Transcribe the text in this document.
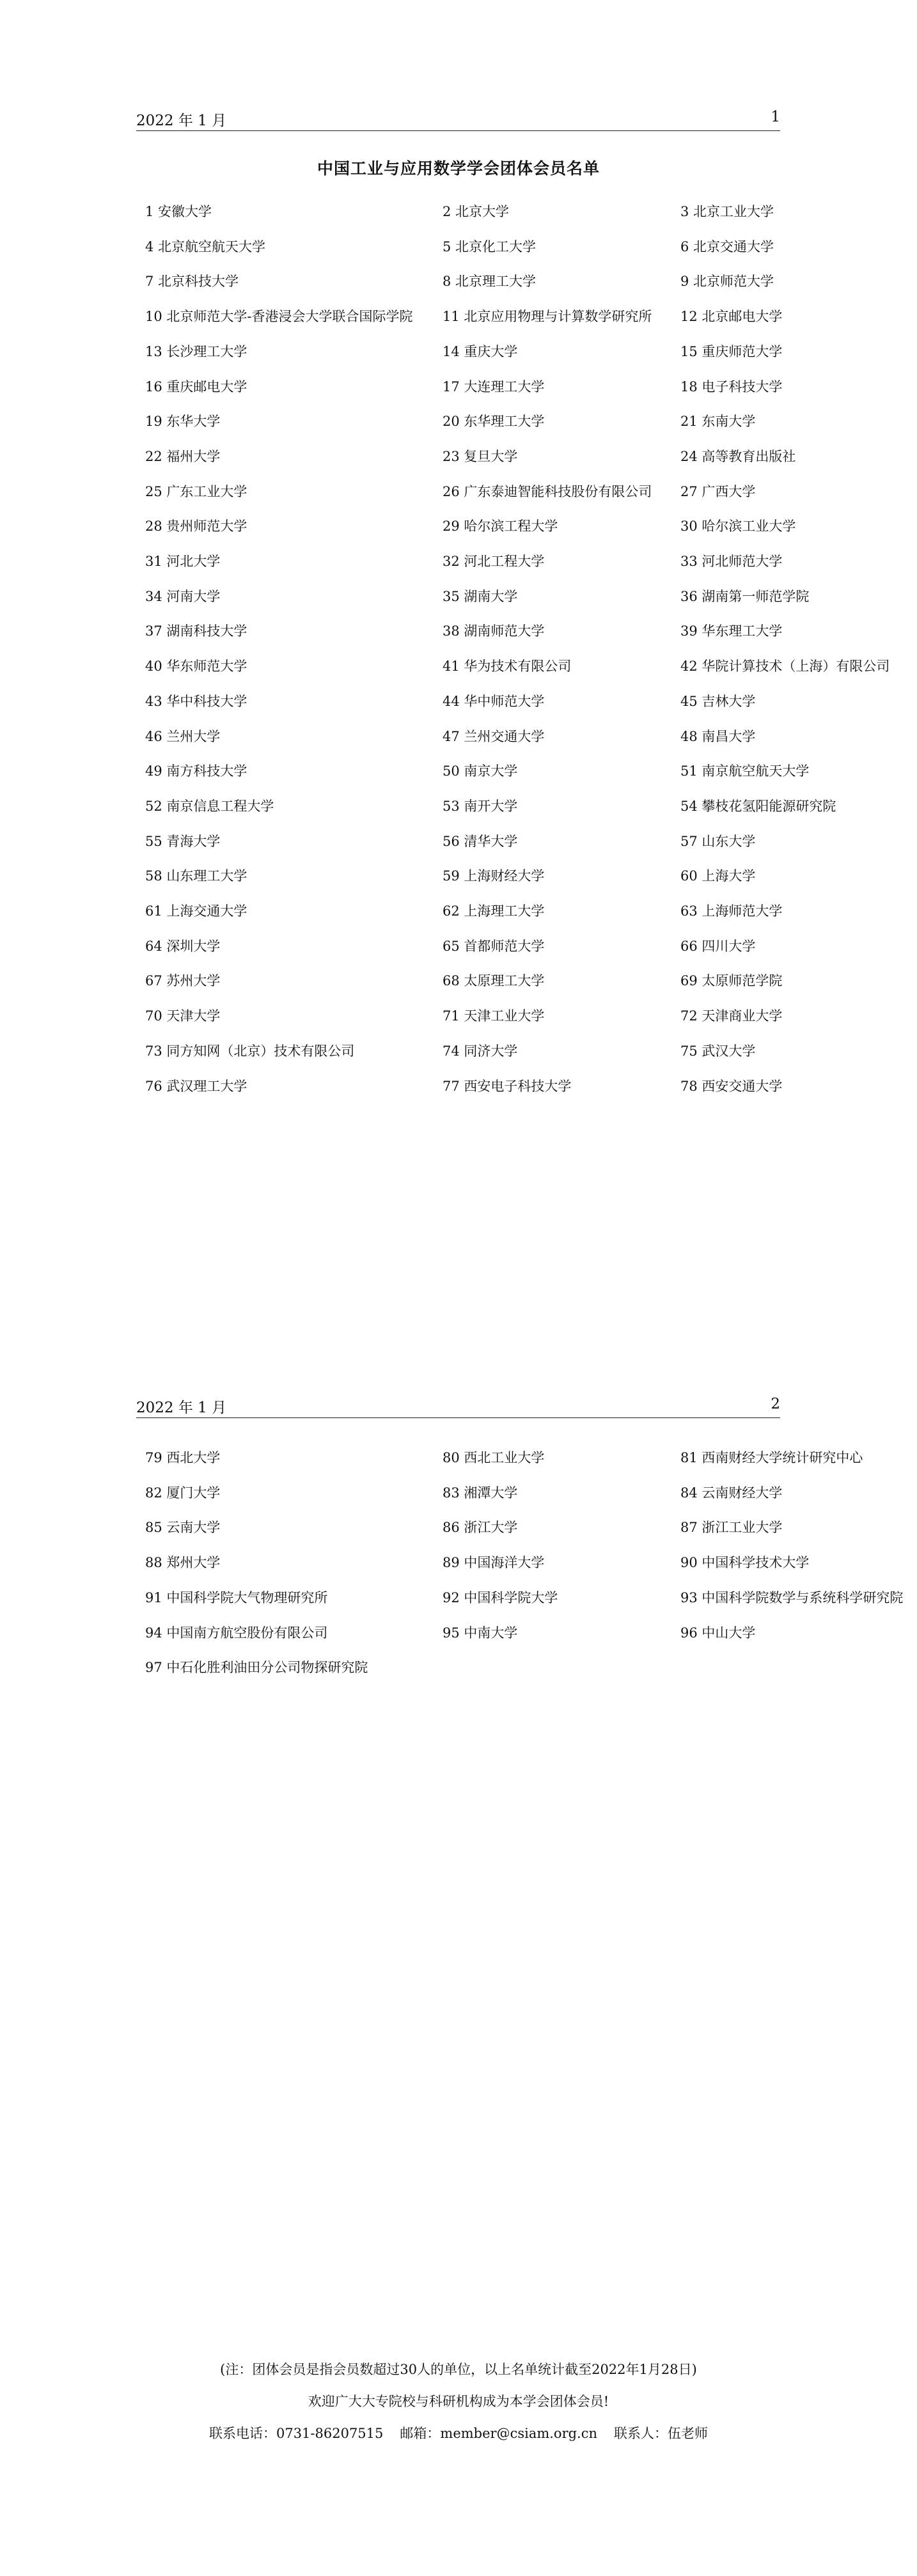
2022 年 1 月	1
中国工业与应用数学学会团体会员名单
1 安徽大学	2 北京大学	3 北京工业大学
4 北京航空航天大学	5 北京化工大学	6 北京交通大学
7 北京科技大学	8 北京理工大学	9 北京师范大学
10 北京师范大学-香港浸会大学联合国际学院 11 北京应用物理与计算数学研究所 12 北京邮电大学
13 长沙理工大学	14 重庆大学	15 重庆师范大学
16 重庆邮电大学	17 大连理工大学	18 电子科技大学
19 东华大学	20 东华理工大学	21 东南大学
22 福州大学	23 复旦大学	24 高等教育出版社
25 广东工业大学	26 广东泰迪智能科技股份有限公司 27 广西大学
28 贵州师范大学	29 哈尔滨工程大学	30 哈尔滨工业大学
31 河北大学	32 河北工程大学	33 河北师范大学
34 河南大学	35 湖南大学	36 湖南第一师范学院
37 湖南科技大学	38 湖南师范大学	39 华东理工大学
40 华东师范大学	41 华为技术有限公司	42 华院计算技术（上海）有限公司
43 华中科技大学	44 华中师范大学	45 吉林大学
46 兰州大学	47 兰州交通大学	48 南昌大学
49 南方科技大学	50 南京大学	51 南京航空航天大学
52 南京信息工程大学	53 南开大学	54 攀枝花氢阳能源研究院
55 青海大学	56 清华大学	57 山东大学
58 山东理工大学	59 上海财经大学	60 上海大学
61 上海交通大学	62 上海理工大学	63 上海师范大学
64 深圳大学	65 首都师范大学	66 四川大学
67 苏州大学	68 太原理工大学	69 太原师范学院
70 天津大学	71 天津工业大学	72 天津商业大学
73 同方知网（北京）技术有限公司	74 同济大学	75 武汉大学
76 武汉理工大学	77 西安电子科技大学	78 西安交通大学
2022 年 1 月	2
79 西北大学	80 西北工业大学	81 西南财经大学统计研究中心
82 厦门大学	83 湘潭大学	84 云南财经大学
85 云南大学	86 浙江大学	87 浙江工业大学
88 郑州大学	89 中国海洋大学	90 中国科学技术大学
91 中国科学院大气物理研究所	92 中国科学院大学	93 中国科学院数学与系统科学研究院
94 中国南方航空股份有限公司	95 中南大学	96 中山大学
97 中石化胜利油田分公司物探研究院
(注：团体会员是指会员数超过30人的单位，以上名单统计截至2022年1月28日)
欢迎广大大专院校与科研机构成为本学会团体会员!
联系电话：0731-86207515 邮箱：member@csiam.org.cn 联系人：伍老师
